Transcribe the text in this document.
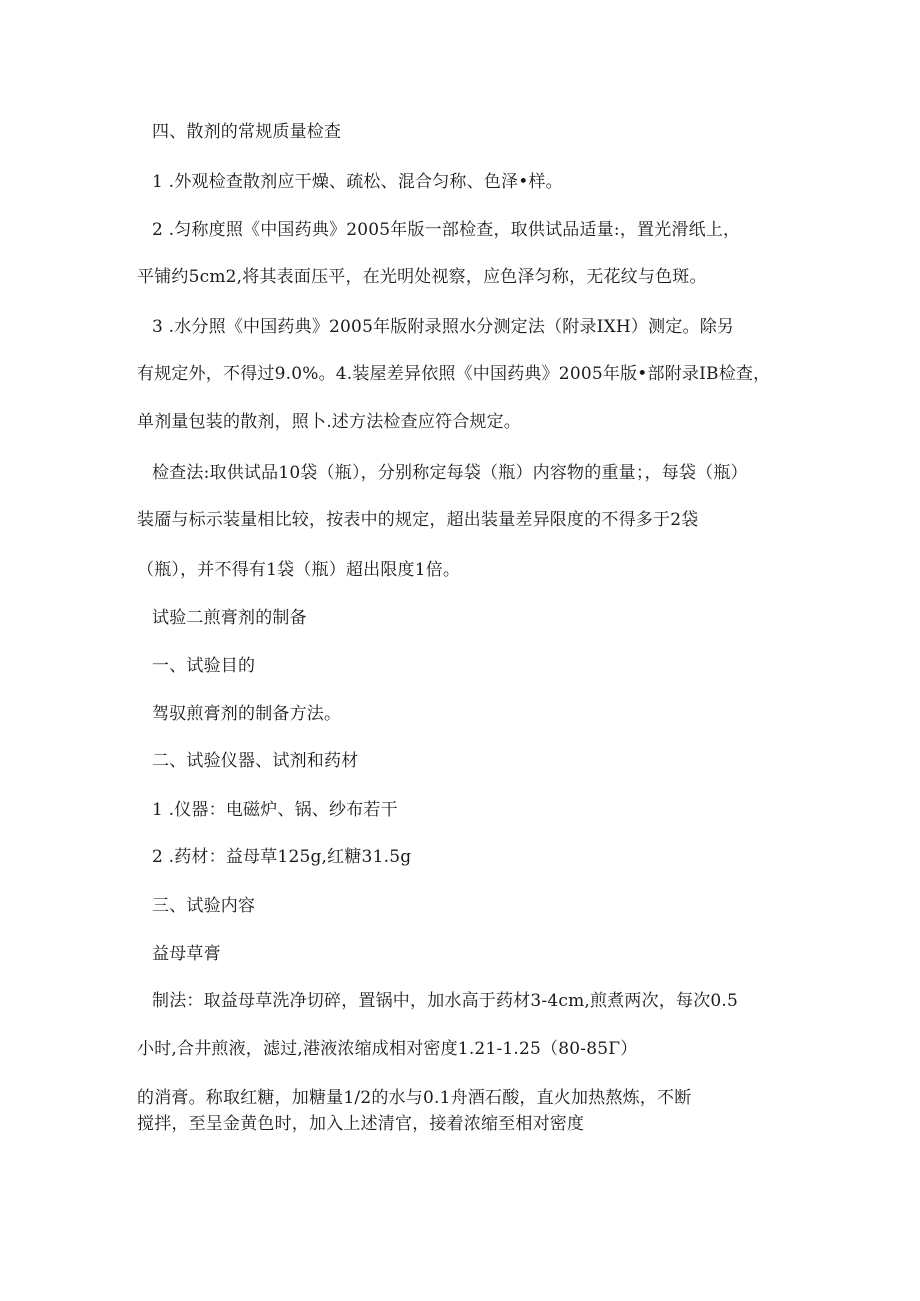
四、散剂的常规质量检查
1 .外观检查散剂应干燥、疏松、混合匀称、色泽•样。
2 .匀称度照《中国药典》2005年版一部检查，取供试品适量:，置光滑纸上，
平铺约5cm2,将其表面压平，在光明处视察，应色泽匀称，无花纹与色斑。
3 .水分照《中国药典》2005年版附录照水分测定法（附录IXH）测定。除另
有规定外，不得过9.0%。4.装屋差异依照《中国药典》2005年版•部附录IB检查，
单剂量包装的散剂，照卜.述方法检查应符合规定。
检查法:取供试品10袋（瓶），分别称定每袋（瓶）内容物的重量；，每袋（瓶）
装靥与标示装量相比较，按表中的规定，超出装量差异限度的不得多于2袋
（瓶），并不得有1袋（瓶）超出限度1倍。
试验二煎膏剂的制备
一、试验目的
驾驭煎膏剂的制备方法。
二、试验仪器、试剂和药材
1 .仪器：电磁炉、锅、纱布若干
2 .药材：益母草125g,红糖31.5g
三、试验内容
益母草膏
制法：取益母草洗净切碎，置锅中，加水高于药材3-4cm,煎煮两次，每次0.5
小时,合井煎液，滤过,港液浓缩成相对密度1.21-1.25（80-85Γ）
的消膏。称取红糖，加糖量1/2的水与0.1舟酒石酸，直火加热熬炼，不断
搅拌，至呈金黄色时，加入上述清官，接着浓缩至相对密度
